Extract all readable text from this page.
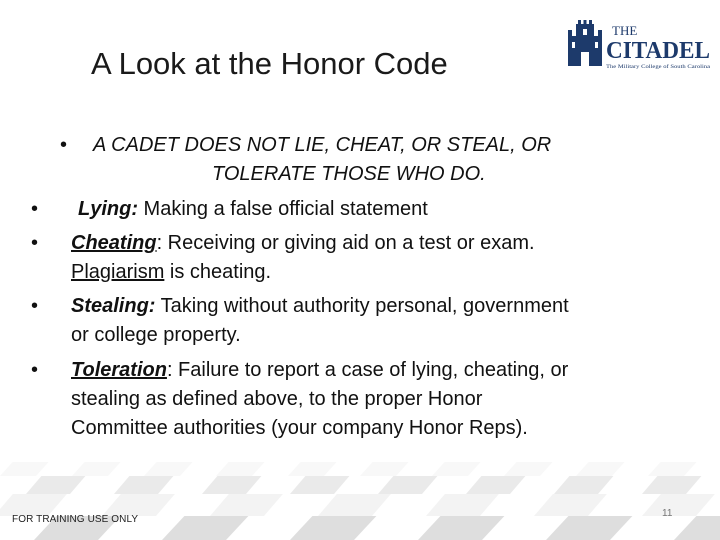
A Look at the Honor Code
THE
CITADEL
The Military College of South Carolina
• A CADET DOES NOT LIE, CHEAT, OR STEAL, OR
TOLERATE THOSE WHO DO.
• Lying: Making a false official statement
• Cheating: Receiving or giving aid on a test or exam.
Plagiarism is cheating.
• Stealing: Taking without authority personal, government
or college property.
• Toleration: Failure to report a case of lying, cheating, or
stealing as defined above, to the proper Honor
Committee authorities (your company Honor Reps).
FOR TRAINING USE ONLY
11
